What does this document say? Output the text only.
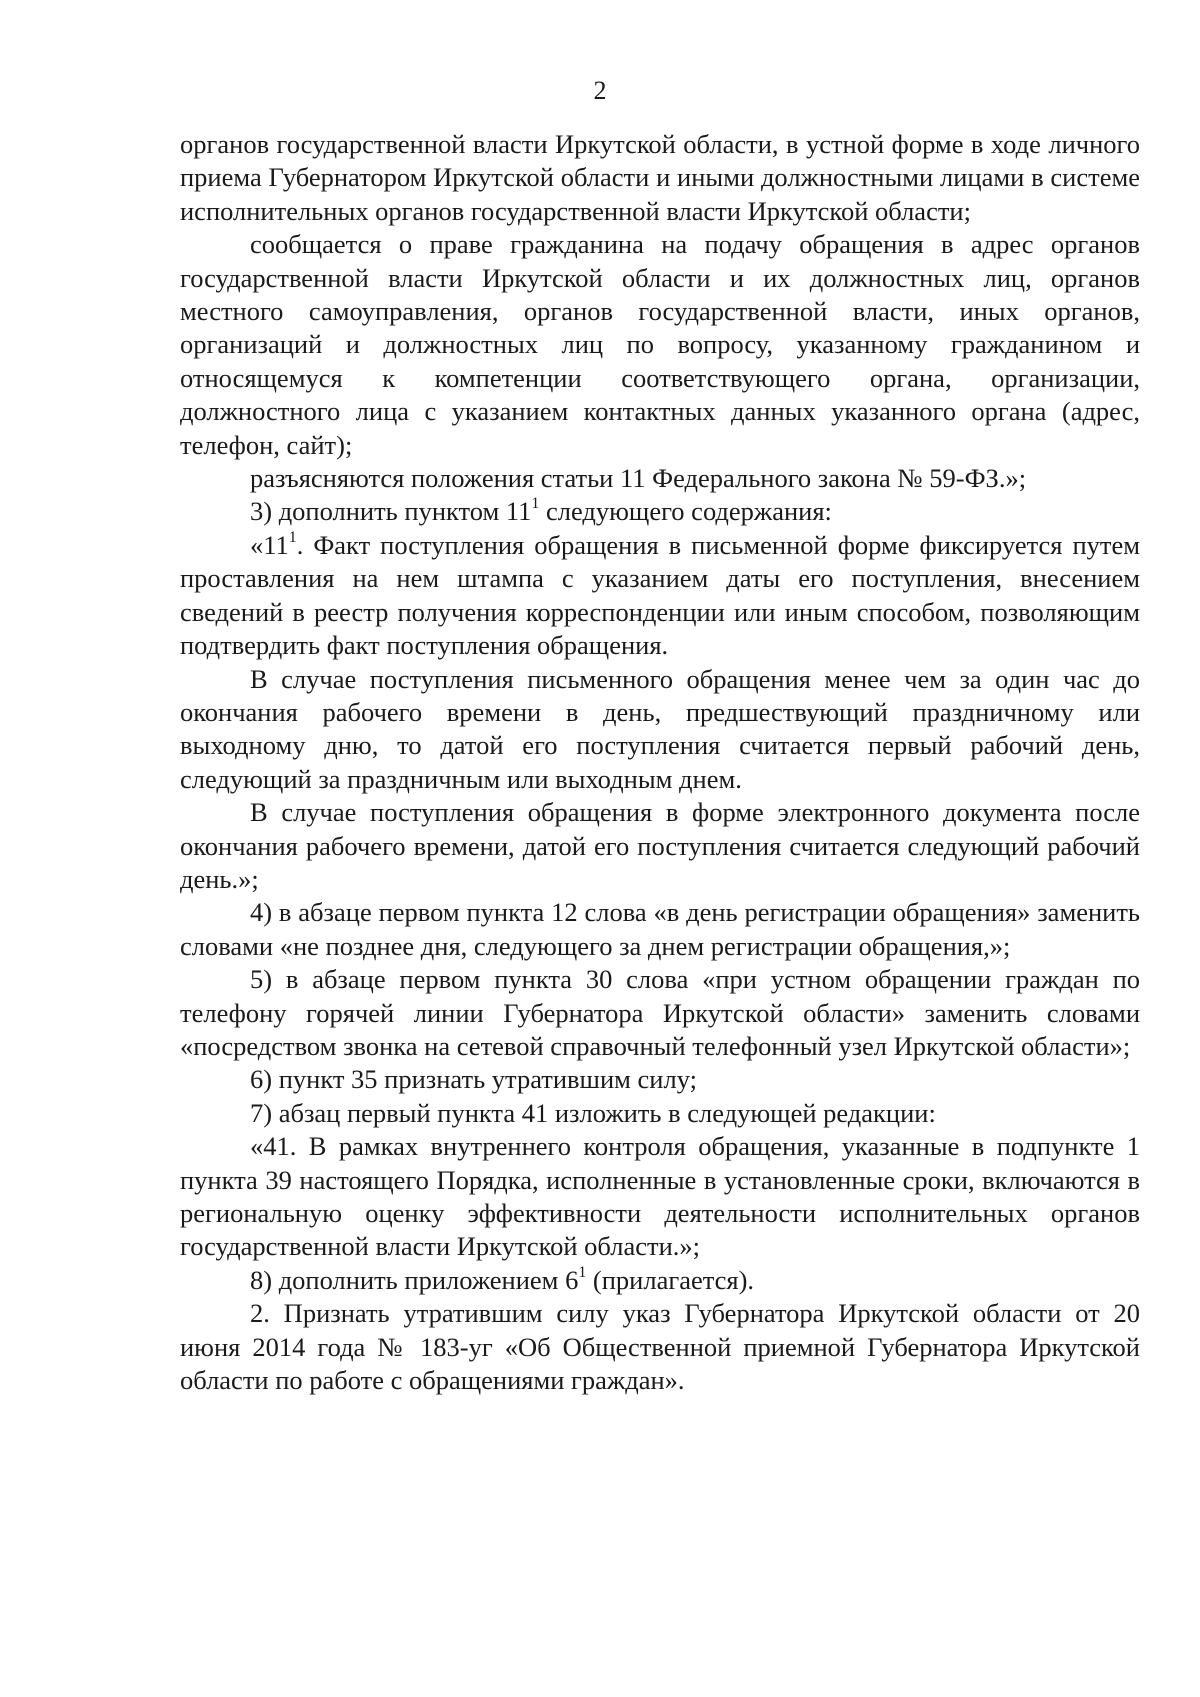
2

органов государственной власти Иркутской области, в устной форме в ходе личного приема Губернатором Иркутской области и иными должностными лицами в системе исполнительных органов государственной власти Иркутской области;

сообщается о праве гражданина на подачу обращения в адрес органов государственной власти Иркутской области и их должностных лиц, органов местного самоуправления, органов государственной власти, иных органов, организаций и должностных лиц по вопросу, указанному гражданином и относящемуся к компетенции соответствующего органа, организации, должностного лица с указанием контактных данных указанного органа (адрес, телефон, сайт);

разъясняются положения статьи 11 Федерального закона № 59-ФЗ.»;

3) дополнить пунктом $11^1$ следующего содержания:

«$11^1$. Факт поступления обращения в письменной форме фиксируется путем проставления на нем штампа с указанием даты его поступления, внесением сведений в реестр получения корреспонденции или иным способом, позволяющим подтвердить факт поступления обращения.

В случае поступления письменного обращения менее чем за один час до окончания рабочего времени в день, предшествующий праздничному или выходному дню, то датой его поступления считается первый рабочий день, следующий за праздничным или выходным днем.

В случае поступления обращения в форме электронного документа после окончания рабочего времени, датой его поступления считается следующий рабочий день.»;

4) в абзаце первом пункта 12 слова «в день регистрации обращения» заменить словами «не позднее дня, следующего за днем регистрации обращения,»;

5) в абзаце первом пункта 30 слова «при устном обращении граждан по телефону горячей линии Губернатора Иркутской области» заменить словами «посредством звонка на сетевой справочный телефонный узел Иркутской области»;

6) пункт 35 признать утратившим силу;

7) абзац первый пункта 41 изложить в следующей редакции:

«41. В рамках внутреннего контроля обращения, указанные в подпункте 1 пункта 39 настоящего Порядка, исполненные в установленные сроки, включаются в региональную оценку эффективности деятельности исполнительных органов государственной власти Иркутской области.»;

8) дополнить приложением $6^1$ (прилагается).

2. Признать утратившим силу указ Губернатора Иркутской области от 20 июня 2014 года № 183-уг «Об Общественной приемной Губернатора Иркутской области по работе с обращениями граждан».
